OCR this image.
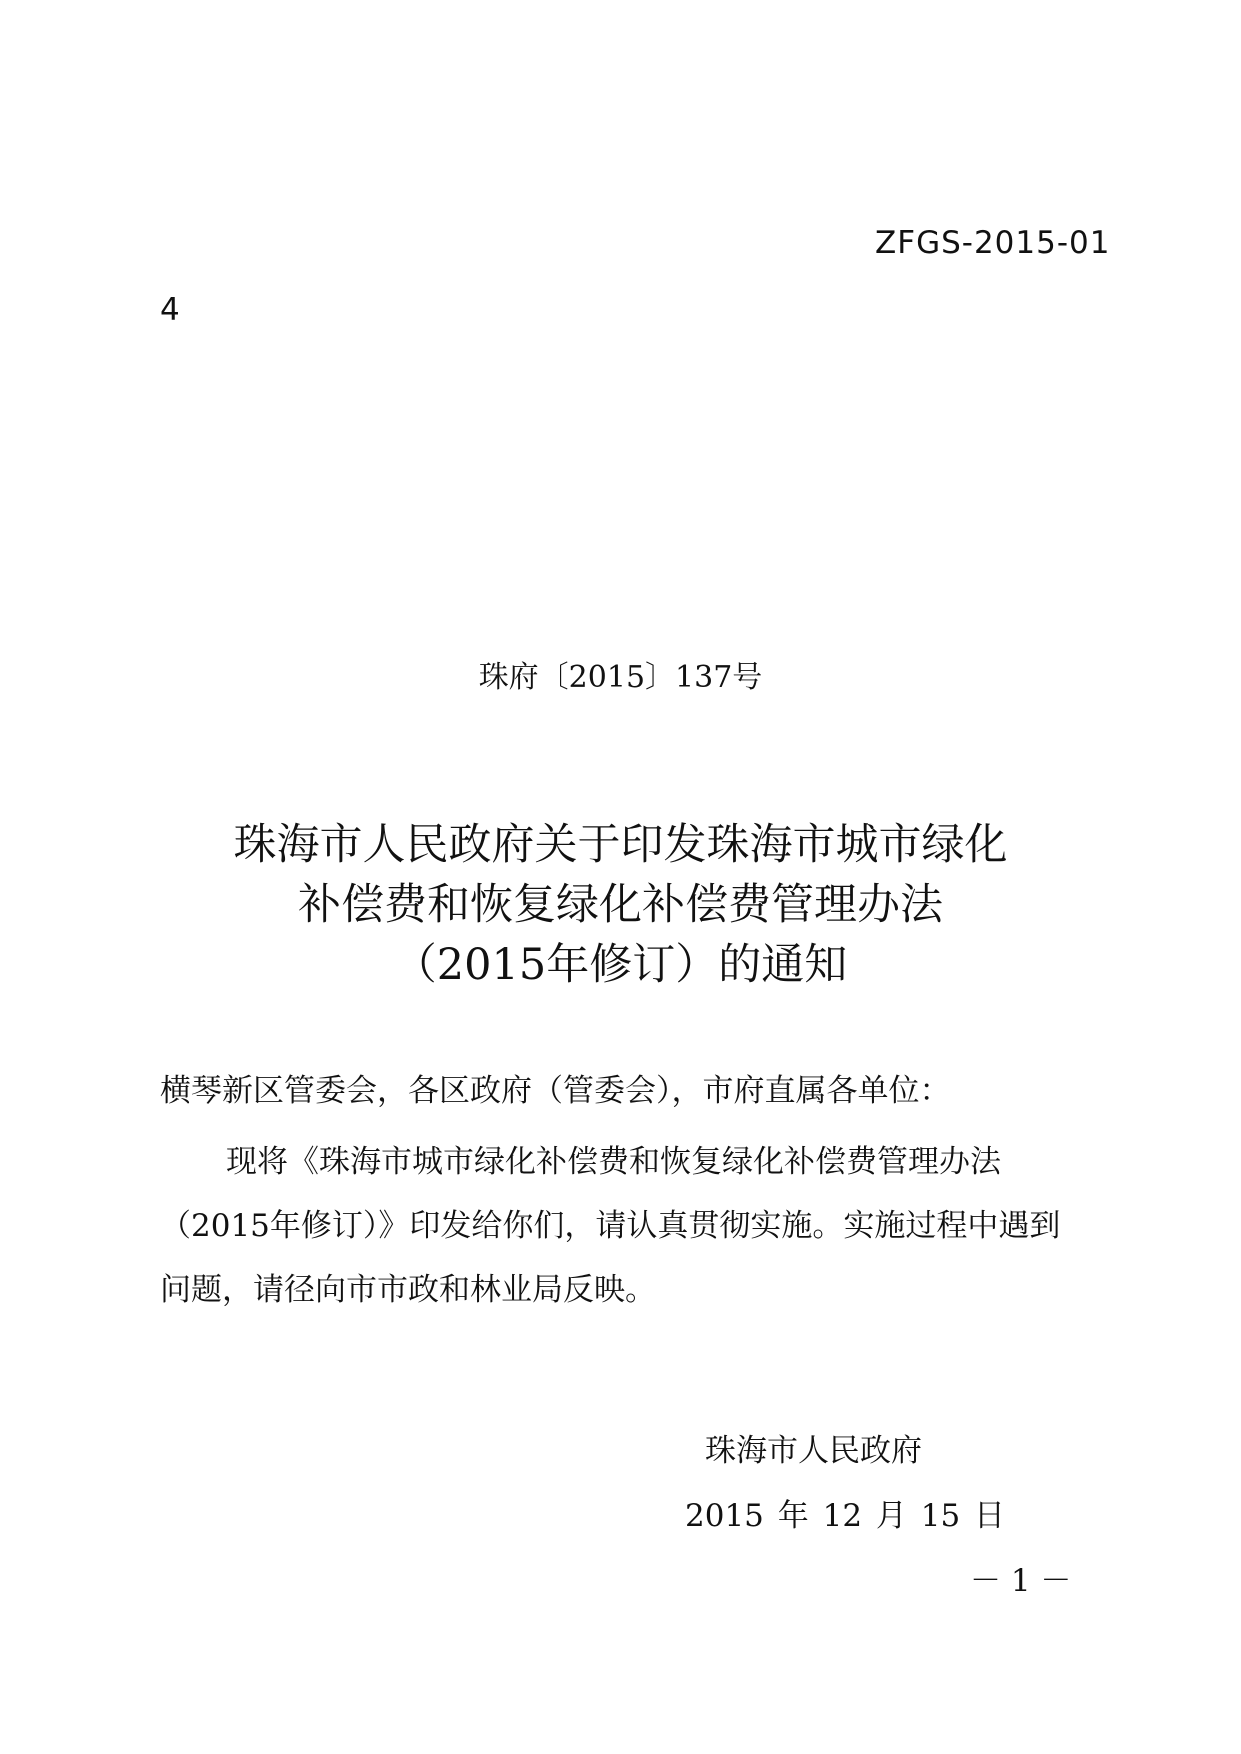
ZFGS-2015-01
4
珠府〔2015〕137号
珠海市人民政府关于印发珠海市城市绿化
补偿费和恢复绿化补偿费管理办法
（2015年修订）的通知
横琴新区管委会，各区政府（管委会），市府直属各单位：
现将《珠海市城市绿化补偿费和恢复绿化补偿费管理办法
（2015年修订）》印发给你们，请认真贯彻实施。实施过程中遇到
问题，请径向市市政和林业局反映。
珠海市人民政府
2015 年 12 月 15 日
－ 1 －
